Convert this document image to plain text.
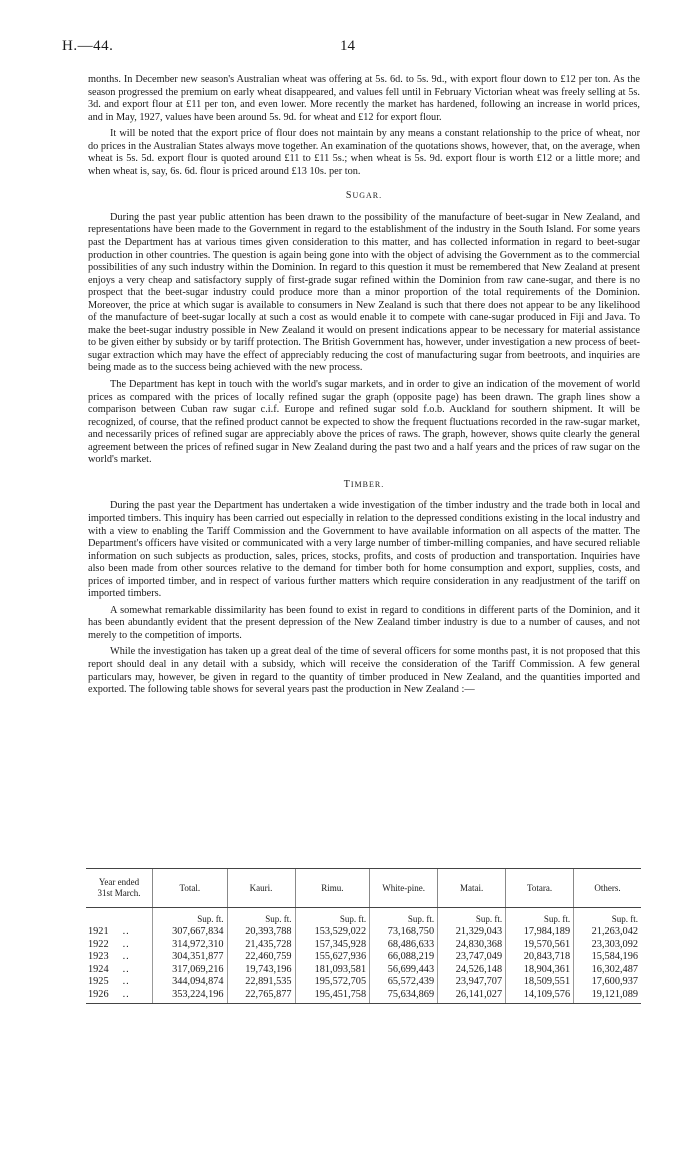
H.—44.	14

months. In December new season's Australian wheat was offering at 5s. 6d. to 5s. 9d., with export flour down to £12 per ton. As the season progressed the premium on early wheat disappeared, and values fell until in February Victorian wheat was freely selling at 5s. 3d. and export flour at £11 per ton, and even lower. More recently the market has hardened, following an increase in world prices, and in May, 1927, values have been around 5s. 9d. for wheat and £12 for export flour.

It will be noted that the export price of flour does not maintain by any means a constant relationship to the price of wheat, nor do prices in the Australian States always move together. An examination of the quotations shows, however, that, on the average, when wheat is 5s. 5d. export flour is quoted around £11 to £11 5s.; when wheat is 5s. 9d. export flour is worth £12 or a little more; and when wheat is, say, 6s. 6d. flour is priced around £13 10s. per ton.

SUGAR.

During the past year public attention has been drawn to the possibility of the manufacture of beet-sugar in New Zealand, and representations have been made to the Government in regard to the establishment of the industry in the South Island. For some years past the Department has at various times given consideration to this matter, and has collected information in regard to beet-sugar production in other countries. The question is again being gone into with the object of advising the Government as to the commercial possibilities of any such industry within the Dominion. In regard to this question it must be remembered that New Zealand at present enjoys a very cheap and satisfactory supply of first-grade sugar refined within the Dominion from raw cane-sugar, and there is no prospect that the beet-sugar industry could produce more than a minor proportion of the total requirements of the Dominion. Moreover, the price at which sugar is available to consumers in New Zealand is such that there does not appear to be any likelihood of the manufacture of beet-sugar locally at such a cost as would enable it to compete with cane-sugar produced in Fiji and Java. To make the beet-sugar industry possible in New Zealand it would on present indications appear to be necessary for material assistance to be given either by subsidy or by tariff protection. The British Government has, however, under investigation a new process of beet-sugar extraction which may have the effect of appreciably reducing the cost of manufacturing sugar from beetroots, and inquiries are being made as to the success being achieved with the new process.

The Department has kept in touch with the world's sugar markets, and in order to give an indication of the movement of world prices as compared with the prices of locally refined sugar the graph (opposite page) has been drawn. The graph lines show a comparison between Cuban raw sugar c.i.f. Europe and refined sugar sold f.o.b. Auckland for southern shipment. It will be recognized, of course, that the refined product cannot be expected to show the frequent fluctuations recorded in the raw-sugar market, and necessarily prices of refined sugar are appreciably above the prices of raws. The graph, however, shows quite clearly the general agreement between the prices of refined sugar in New Zealand during the past two and a half years and the prices of raw sugar on the world's market.

TIMBER.

During the past year the Department has undertaken a wide investigation of the timber industry and the trade both in local and imported timbers. This inquiry has been carried out especially in relation to the depressed conditions existing in the local industry and with a view to enabling the Tariff Commission and the Government to have available information on all aspects of the matter. The Department's officers have visited or communicated with a very large number of timber-milling companies, and have secured reliable information on such subjects as production, sales, prices, stocks, profits, and costs of production and transportation. Inquiries have also been made from other sources relative to the demand for timber both for home consumption and export, supplies, costs, and prices of imported timber, and in respect of various further matters which require consideration in any readjustment of the tariff on imported timbers.

A somewhat remarkable dissimilarity has been found to exist in regard to conditions in different parts of the Dominion, and it has been abundantly evident that the present depression of the New Zealand timber industry is due to a number of causes, and not merely to the competition of imports.

While the investigation has taken up a great deal of the time of several officers for some months past, it is not proposed that this report should deal in any detail with a subsidy, which will receive the consideration of the Tariff Commission. A few general particulars may, however, be given in regard to the quantity of timber produced in New Zealand, and the quantities imported and exported. The following table shows for several years past the production in New Zealand :—

Year ended
31st March.	Total.	Kauri.	Rimu.	White-pine.	Matai.	Totara.	Others.
	Sup. ft.	Sup. ft.	Sup. ft.	Sup. ft.	Sup. ft.	Sup. ft.	Sup. ft.
1921 ..	307,667,834	20,393,788	153,529,022	73,168,750	21,329,043	17,984,189	21,263,042
1922 ..	314,972,310	21,435,728	157,345,928	68,486,633	24,830,368	19,570,561	23,303,092
1923 ..	304,351,877	22,460,759	155,627,936	66,088,219	23,747,049	20,843,718	15,584,196
1924 ..	317,069,216	19,743,196	181,093,581	56,699,443	24,526,148	18,904,361	16,302,487
1925 ..	344,094,874	22,891,535	195,572,705	65,572,439	23,947,707	18,509,551	17,600,937
1926 ..	353,224,196	22,765,877	195,451,758	75,634,869	26,141,027	14,109,576	19,121,089
